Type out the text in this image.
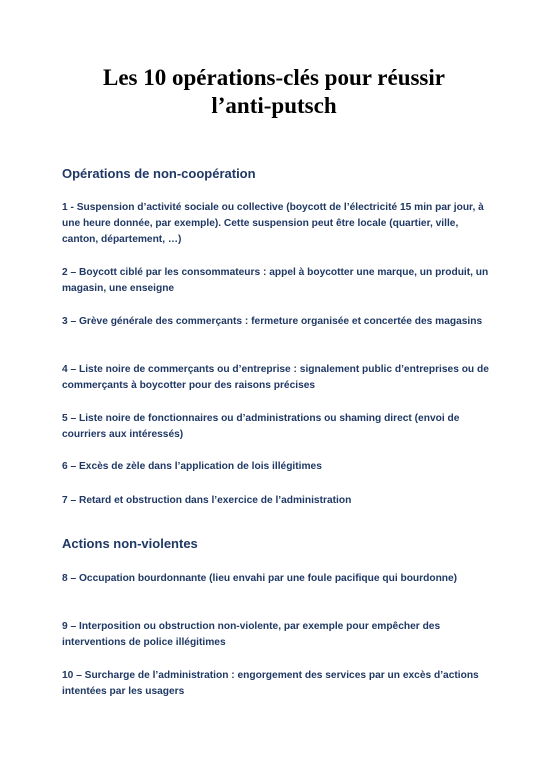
Les 10 opérations-clés pour réussir
l’anti-putsch
Opérations de non-coopération

1 - Suspension d’activité sociale ou collective (boycott de l’électricité 15 min par jour, à une heure donnée, par exemple). Cette suspension peut être locale (quartier, ville, canton, département, …)

2 – Boycott ciblé par les consommateurs : appel à boycotter une marque, un produit, un magasin, une enseigne

3 – Grève générale des commerçants : fermeture organisée et concertée des magasins

4 – Liste noire de commerçants ou d’entreprise : signalement public d’entreprises ou de commerçants à boycotter pour des raisons précises

5 – Liste noire de fonctionnaires ou d’administrations ou shaming direct (envoi de courriers aux intéressés)

6 – Excès de zèle dans l’application de lois illégitimes

7 – Retard et obstruction dans l’exercice de l’administration

Actions non-violentes

8 – Occupation bourdonnante (lieu envahi par une foule pacifique qui bourdonne)

9 – Interposition ou obstruction non-violente, par exemple pour empêcher des interventions de police illégitimes

10 – Surcharge de l’administration : engorgement des services par un excès d’actions intentées par les usagers
